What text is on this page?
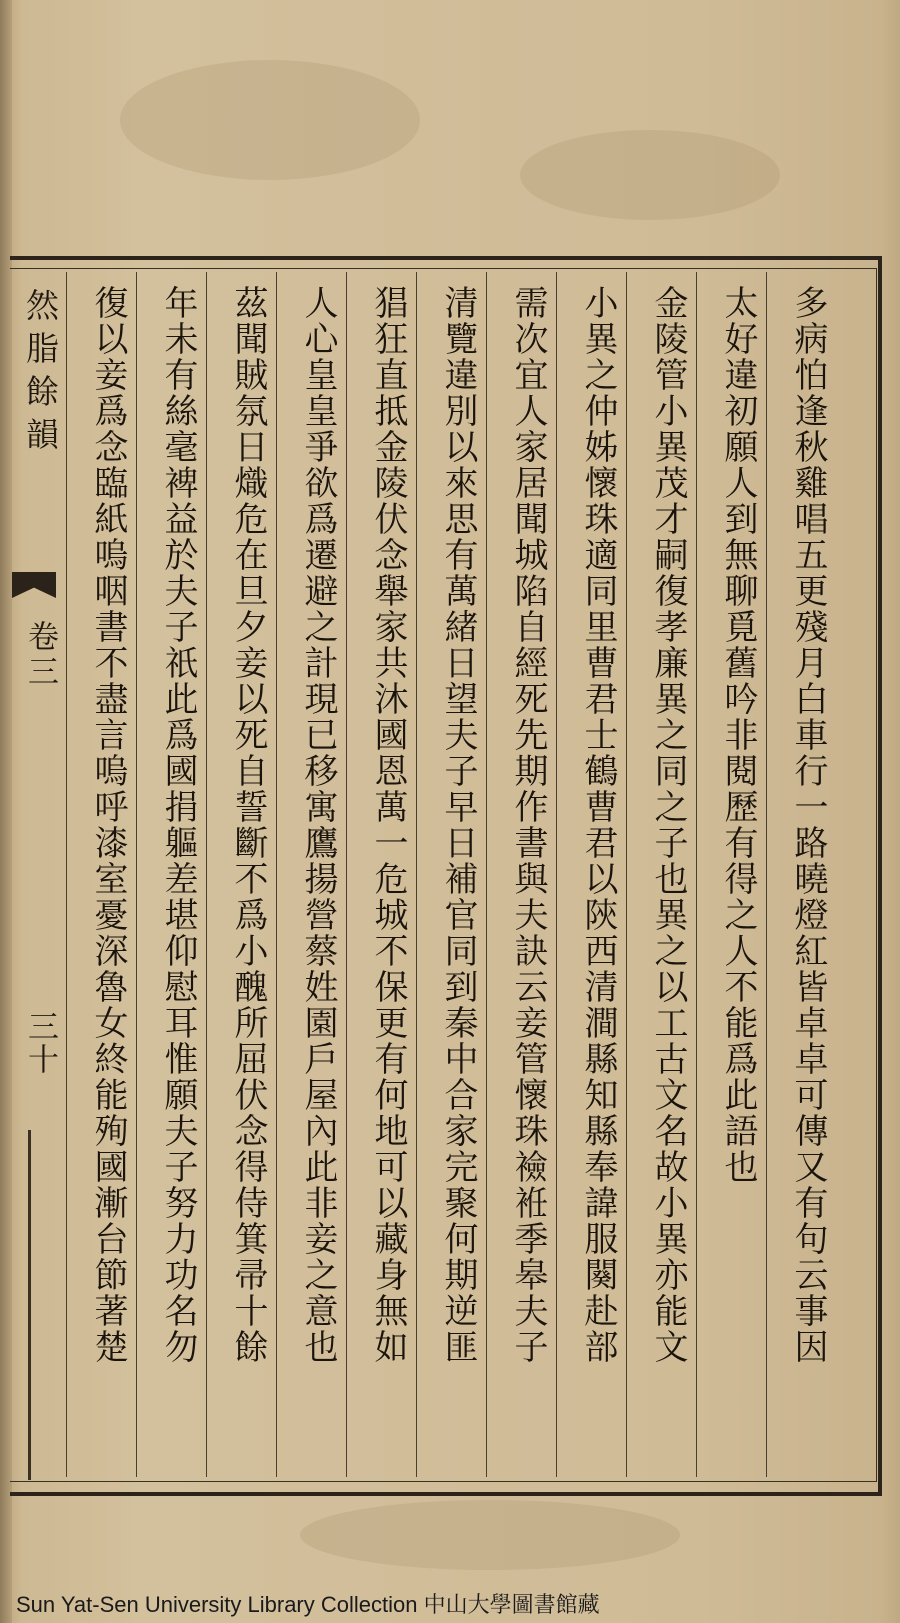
然脂餘韻
卷三
三十	多病怕逢秋雞唱五更殘月白車行一路曉燈紅皆卓卓可傳又有句云事因
太好違初願人到無聊覓舊吟非閱歷有得之人不能爲此語也
金陵管小異茂才嗣復孝廉異之同之子也異之以工古文名故小異亦能文
小異之仲姊懷珠適同里曹君士鶴曹君以陝西清澗縣知縣奉諱服闋赴部
需次宜人家居聞城陷自經死先期作書與夫訣云妾管懷珠襝袵季皋夫子
清覽違別以來思有萬緒日望夫子早日補官同到秦中合家完聚何期逆匪
猖狂直抵金陵伏念舉家共沐國恩萬一危城不保更有何地可以藏身無如
人心皇皇爭欲爲遷避之計現已移寓鷹揚營蔡姓園戶屋內此非妾之意也
茲聞賊氛日熾危在旦夕妾以死自誓斷不爲小醜所屈伏念得侍箕帚十餘
年未有絲毫裨益於夫子祇此爲國捐軀差堪仰慰耳惟願夫子努力功名勿
復以妾爲念臨紙嗚咽書不盡言嗚呼漆室憂深魯女終能殉國漸台節著楚
Sun Yat-Sen University Library Collection 中山大學圖書館藏
